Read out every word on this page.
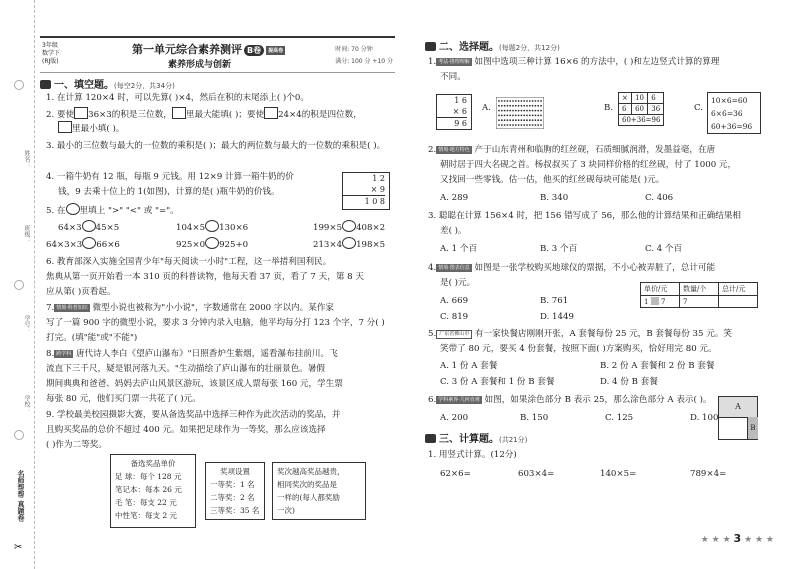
姓名：
班级：
学号：
学校：
名师帮帮 真题卷
✂
3年级
数学下
(RJ版)
第一单元综合素养测评 B卷 提高卷
素养形成与创新
时间: 70 分钟
满分: 100 分 +10 分
一、填空题。(每空2分，共34分)
1. 在计算 120×4 时，可以先算( )×4，然后在积的末尾添上( )个0。
2. 要使 36×3的积是三位数， 里最大能填( )；要使 24×4的积是四位数，
里最小填( )。
3. 最小的三位数与最大的一位数的乘积是( )；最大的两位数与最大的一位数的乘积是( )。
4. 一箱牛奶有 12 瓶，每瓶 9 元钱。用 12×9 计算一箱牛奶的价
钱，9 去乘十位上的 1(如图)，计算的是( )瓶牛奶的价钱。
1 2
× 9
1 0 8
5. 在 里填上 ">" "<" 或 "="。
64×3 45×5	104×5 130×6	199×5 408×2
64×3×3 66×6	925×0 925+0	213×4 198×5
6. 教育部深入实施全国青少年"每天阅读一小时"工程，这一举措利国利民。
焦典从第一页开始看一本 310 页的科普读物，他每天看 37 页，看了 7 天，第 8 天
应从第( )页看起。
7. 情境·科普知识 微型小说也被称为"小小说"，字数通常在 2000 字以内。某作家
写了一篇 900 字的微型小说，要求 3 分钟内录入电脑，他平均每分打 123 个字，7 分( )
打完。(填"能"或"不能")
8. 跨学科 唐代诗人李白《望庐山瀑布》"日照香炉生紫烟，遥看瀑布挂前川。飞
流直下三千尺，疑是银河落九天。"生动描绘了庐山瀑布的壮丽景色。暑假
期间典典和爸爸、妈妈去庐山风景区游玩，该景区成人票每张 160 元，学生票
每张 80 元，他们买门票一共花了( )元。
9. 学校最美校园摄影大赛，要从备选奖品中选择三种作为此次活动的奖品，并
且购买奖品的总价不超过 400 元。如果把足球作为一等奖，那么应该选择
( )作为二等奖。
备选奖品单价
足 球：每个 128 元
笔记本：每本 26 元
毛 笔：每支 22 元
中性笔：每支 2 元
奖项设置
一等奖：1 名
二等奖：2 名
三等奖：35 名
奖次越高奖品越贵，
相同奖次的奖品是
一样的(每人都奖励
一次)
二、选择题。(每题2分，共12分)
1. 考法·推理理解 如图中选项三种计算 16×6 的方法中，( )和左边竖式计算的算理
不同。
1 6
× 6
9 6
A.	B.
×	10	6
6	60	36
60+36=96		
C.
10×6=60
6×6=36
60+36=96
2. 情境·地方特色 产于山东青州和临朐的红丝砚，石质细腻润滑，发墨益毫，在唐
朝时居于四大名砚之首。杨叔叔买了 3 块同样价格的红丝砚，付了 1000 元，
又找回一些零钱。估一估，他买的红丝砚每块可能是( )元。
A. 289	B. 340	C. 406
3. 聪聪在计算 156×4 时，把 156 错写成了 56，那么他的计算结果和正确结果相
差( )。
A. 1 个百	B. 3 个百	C. 4 个百
4. 情境·图表信息 如图是一张学校购买地球仪的票据，不小心被弄脏了，总计可能
是( )元。
A. 669	B. 761
C. 819	D. 1449
单价/元	数量/个	总计/元
1 7	7	
5. 广东省佛山市 有一家快餐店刚刚开张，A 套餐每份 25 元，B 套餐每份 35 元。笑
笑带了 80 元，要买 4 份套餐，按照下面( )方案购买，恰好用完 80 元。
A. 1 份 A 套餐	B. 2 份 A 套餐和 2 份 B 套餐
C. 3 份 A 套餐和 1 份 B 套餐	D. 4 份 B 套餐
6. 学科素养·几何直观 如图，如果涂色部分 B 表示 25，那么涂色部分 A 表示( )。
A. 200	B. 150	C. 125	D. 100
A
B
三、计算题。(共21分)
1. 用竖式计算。(12分)
62×6=	603×4=	140×5=	789×4=
★ ★ ★ 3 ★ ★ ★
